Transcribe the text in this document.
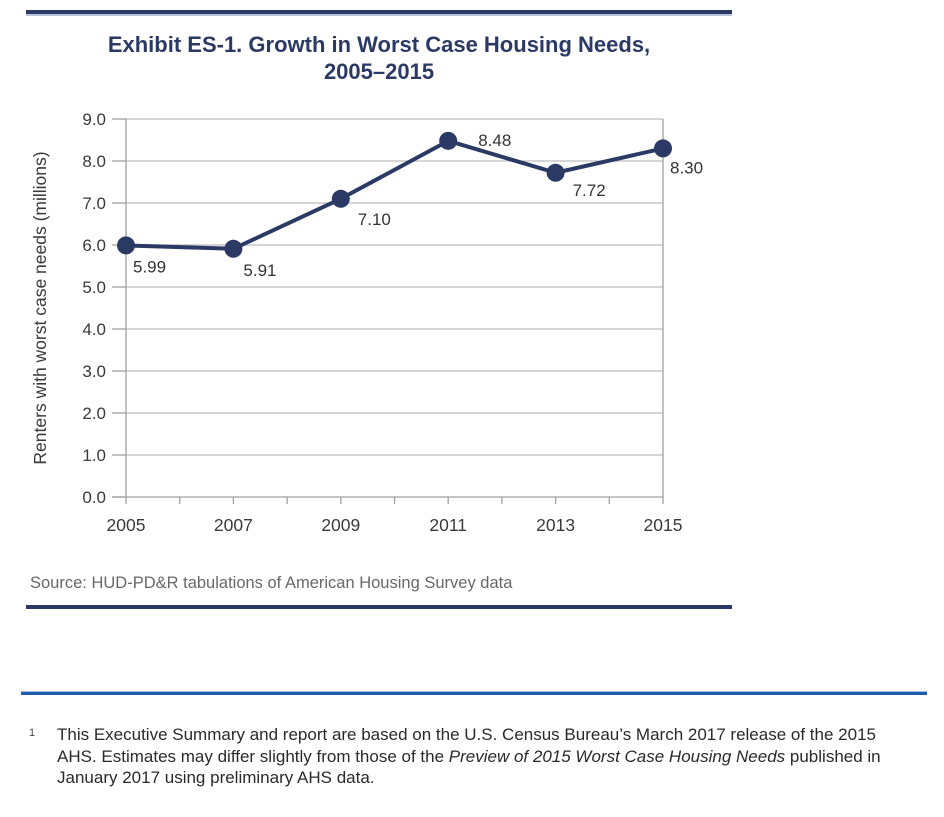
Exhibit ES-1. Growth in Worst Case Housing Needs,
2005–2015
0.0
1.0
2.0
3.0
4.0
5.0
6.0
7.0
8.0
9.0
2005	2007	2009	2011	2013	2015
Renters with worst case needs (millions)	5.99	5.91
7.10
8.48
7.72
8.30
Source: HUD-PD&R tabulations of American Housing Survey data
1 This Executive Summary and report are based on the U.S. Census Bureau’s March 2017 release of the 2015 AHS. Estimates may differ slightly from those of the Preview of 2015 Worst Case Housing Needs published in January 2017 using preliminary AHS data.
